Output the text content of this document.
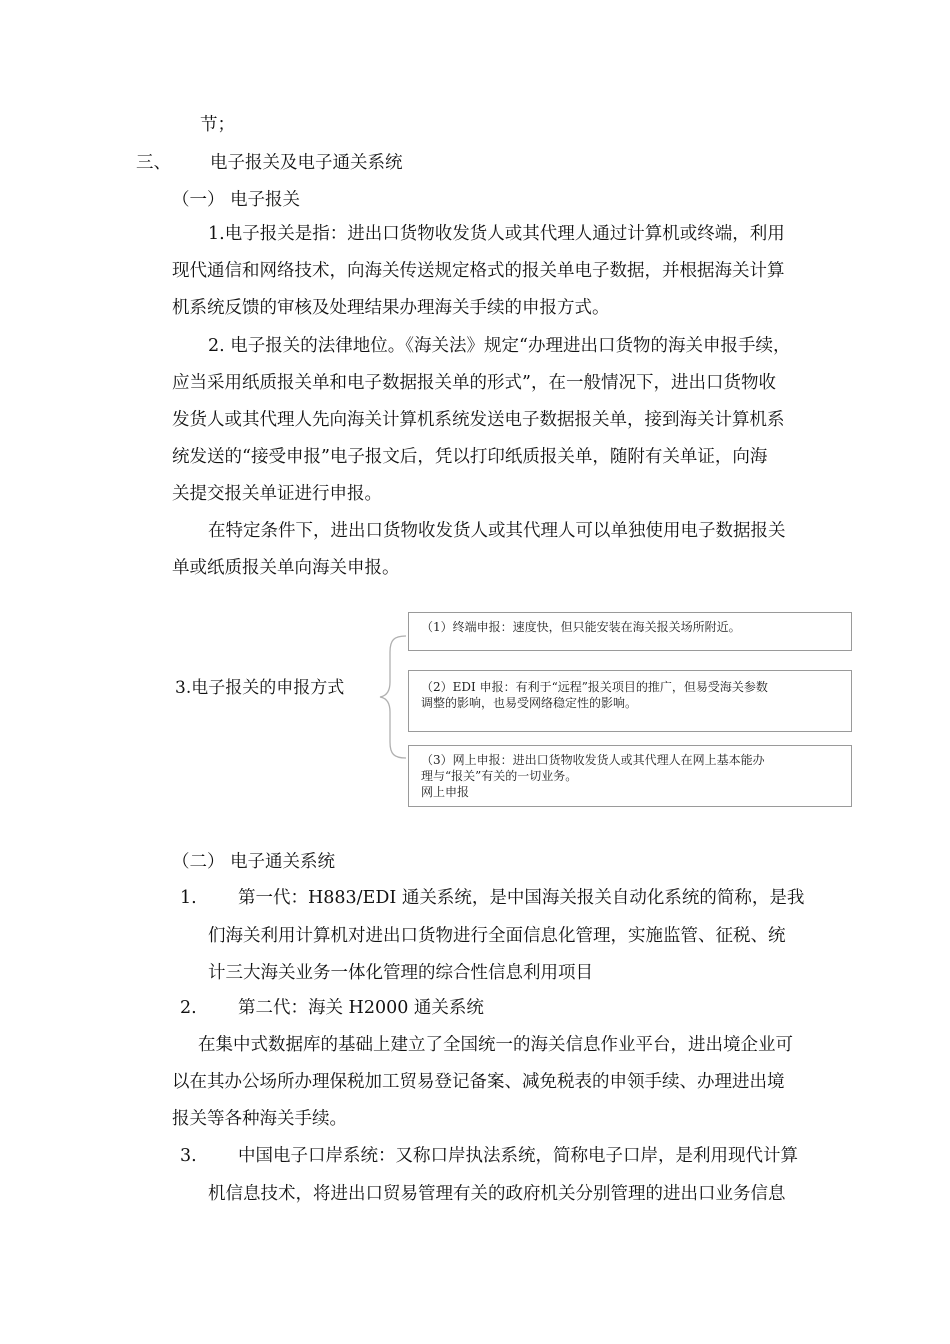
节；
三、 电子报关及电子通关系统
（一） 电子报关
1.电子报关是指：进出口货物收发货人或其代理人通过计算机或终端，利用
现代通信和网络技术，向海关传送规定格式的报关单电子数据，并根据海关计算
机系统反馈的审核及处理结果办理海关手续的申报方式。
2. 电子报关的法律地位。《海关法》规定“办理进出口货物的海关申报手续，
应当采用纸质报关单和电子数据报关单的形式”，在一般情况下，进出口货物收
发货人或其代理人先向海关计算机系统发送电子数据报关单，接到海关计算机系
统发送的“接受申报”电子报文后，凭以打印纸质报关单，随附有关单证，向海
关提交报关单证进行申报。
在特定条件下，进出口货物收发货人或其代理人可以单独使用电子数据报关
单或纸质报关单向海关申报。
3.电子报关的申报方式
（1）终端申报：速度快，但只能安装在海关报关场所附近。
（2）EDI 申报：有利于“远程”报关项目的推广，但易受海关参数
调整的影响，也易受网络稳定性的影响。
（3）网上申报：进出口货物收发货人或其代理人在网上基本能办
理与“报关”有关的一切业务。
网上申报
（二） 电子通关系统
1. 第一代：H883/EDI 通关系统，是中国海关报关自动化系统的简称，是我
们海关利用计算机对进出口货物进行全面信息化管理，实施监管、征税、统
计三大海关业务一体化管理的综合性信息利用项目
2. 第二代：海关 H2000 通关系统
在集中式数据库的基础上建立了全国统一的海关信息作业平台，进出境企业可
以在其办公场所办理保税加工贸易登记备案、减免税表的申领手续、办理进出境
报关等各种海关手续。
3. 中国电子口岸系统：又称口岸执法系统，简称电子口岸，是利用现代计算
机信息技术，将进出口贸易管理有关的政府机关分别管理的进出口业务信息
